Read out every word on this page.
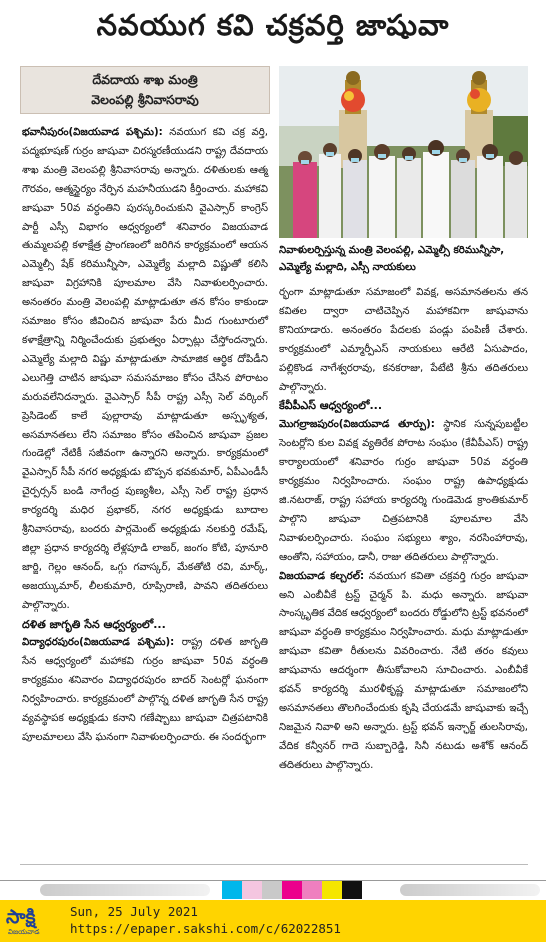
నవయుగ కవి చక్రవర్తి జాషువా
దేవదాయ శాఖ మంత్రి
వెలంపల్లి శ్రీనివాసరావు

భవానీపురం(విజయవాడ పశ్చిమ): నవయుగ కవి చక్ర వర్తి, పద్మభూషణ్ గుర్రం జాషువా చిరస్మరణీయుడని రాష్ట్ర దేవదాయ శాఖ మంత్రి వెలంపల్లి శ్రీనివాసరావు అన్నారు. దళితులకు ఆత్మ గౌరవం, ఆత్మస్థైర్యం నేర్పిన మహనీయుడని కీర్తించారు. మహాకవి జాషువా 50వ వర్ధంతిని పురస్కరించుకుని వైఎస్సార్ కాంగ్రెస్ పార్టీ ఎస్సీ విభాగం ఆధ్వర్యంలో శనివారం విజయవాడ తుమ్మలపల్లి కళాక్షేత్ర ప్రాంగణంలో జరిగిన కార్యక్రమంలో ఆయన ఎమ్మెల్సీ షేక్ కరిమున్నీసా, ఎమ్మెల్యే మల్లాది విష్ణుతో కలిసి జాషువా విగ్రహానికి పూలమాల వేసి నివాళులర్పించారు. అనంతరం మంత్రి వెలంపల్లి మాట్లాడుతూ తన కోసం కాకుండా సమాజం కోసం జీవించిన జాషువా పేరు మీద గుంటూరులో కళాక్షేత్రాన్ని నిర్మించేందుకు ప్రభుత్వం ఏర్పాట్లు చేస్తోందన్నారు. ఎమ్మెల్యే మల్లాది విష్ణు మాట్లాడుతూ సామాజిక ఆర్థిక దోపిడీని ఎలుగెత్తి చాటిన జాషువా సమసమాజం కోసం చేసిన పోరాటం మరువలేనిదన్నారు. వైఎస్సార్ సీపీ రాష్ట్ర ఎస్సీ సెల్ వర్కింగ్ ప్రెసిడెంట్ కాలే పుల్లారావు మాట్లాడుతూ అస్పృశ్యత, అసమానతలు లేని సమాజం కోసం తపించిన జాషువా ప్రజల గుండెల్లో నేటికీ సజీవంగా ఉన్నారని అన్నారు. కార్యక్రమంలో వైఎస్సార్ సీపీ నగర అధ్యక్షుడు బొప్పన భవకుమార్, ఏపీఎండీసీ చైర్పర్సన్ బండి నాగేంద్ర పుణ్యశీల, ఎస్సీ సెల్ రాష్ట్ర ప్రధాన కార్యదర్శి మధిర ప్రభాకర్, నగర అధ్యక్షుడు బూదాల శ్రీనివాసరావు, బందరు పార్లమెంట్ అధ్యక్షుడు నలకుర్తి రమేష్, జిల్లా ప్రధాన కార్యదర్శి లేళ్లపూడి లాజర్, జంగం కోటి, పూనూరి జార్జి, గెల్లం ఆనంద్, ఒగ్గు గవాస్కర్, మేకతోటి రవి, మార్క్, అజయ్కుమార్, లీలకుమారి, రూప్సిరాణి, పావని తదితరులు పాల్గొన్నారు.

దళిత జాగృతి సేన ఆధ్వర్యంలో...

విద్యాధరపురం(విజయవాడ పశ్చిమ): రాష్ట్ర దళిత జాగృతి సేన ఆధ్వర్యంలో మహాకవి గుర్రం జాషువా 50వ వర్ధంతి కార్యక్రమం శనివారం విద్యాధరపురం బాదర్ సెంటర్లో ఘనంగా నిర్వహించారు. కార్యక్రమంలో పాల్గొన్న దళిత జాగృతి సేన రాష్ట్ర వ్యవస్థాపక అధ్యక్షుడు కనాని గణేష్బాబు జాషువా చిత్రపటానికి పూలమాలలు వేసి ఘనంగా నివాళులర్పించారు. ఈ సందర్భంగా

నివాళులర్పిస్తున్న మంత్రి వెలంపల్లి, ఎమ్మెల్సీ కరిమున్నీసా, ఎమ్మెల్యే మల్లాది, ఎస్సీ నాయకులు

ర్భంగా మాట్లాడుతూ సమాజంలో వివక్ష, అసమానతలను తన కవితల ద్వారా చాటిచెప్పిన మహాకవిగా జాషువాను కొనియాడారు. అనంతరం పేదలకు పండ్లు పంపిణీ చేశారు. కార్యక్రమంలో ఎమ్మార్పీఎస్ నాయకులు ఆరేటి ఏసుపాదం, పల్లికొండ నాగేశ్వరరావు, కనకరాజు, పేటేటి శ్రీను తదితరులు పాల్గొన్నారు.

కేవీపీఎస్ ఆధ్వర్యంలో...

మొగల్రాజపురం(విజయవాడ తూర్పు): స్థానిక సున్నపుబట్టీల సెంటర్లోని కుల వివక్ష వ్యతిరేక పోరాట సంఘం (కేవీపీఎస్) రాష్ట్ర కార్యాలయంలో శనివారం గుర్రం జాషువా 50వ వర్ధంతి కార్యక్రమం నిర్వహించారు. సంఘం రాష్ట్ర ఉపాధ్యక్షుడు జి.నటరాజ్, రాష్ట్ర సహాయ కార్యదర్శి గుండెమెడ క్రాంతికుమార్ పాల్గొని జాషువా చిత్రపటానికి పూలమాల వేసి నివాళులర్పించారు. సంఘం సభ్యులు శ్యాం, నరసింహారావు, ఆంతోని, సహాయం, డానీ, రాజు తదితరులు పాల్గొన్నారు.

విజయవాడ కల్చరల్: నవయుగ కవితా చక్రవర్తి గుర్రం జాషువా అని ఎంబీవీకే ట్రస్ట్ చైర్మన్ పి. మధు అన్నారు. జాషువా సాంస్కృతిక వేదిక ఆధ్వర్యంలో బందరు రోడ్డులోని ట్రస్ట్ భవనంలో జాషువా వర్ధంతి కార్యక్రమం నిర్వహించారు. మధు మాట్లాడుతూ జాషువా కవితా రీతులను వివరించారు. నేటి తరం కవులు జాషువాను ఆదర్శంగా తీసుకోవాలని సూచించారు. ఎంబీవీకే భవన్ కార్యదర్శి మురళీకృష్ణ మాట్లాడుతూ సమాజంలోని అసమానతలు తొలగించేందుకు కృషి చేయడమే జాషువాకు ఇచ్చే నిజమైన నివాళి అని అన్నారు. ట్రస్ట్ భవన్ ఇన్ఛార్జ్ తులసిరావు, వేదిక కన్వీనర్ గాదె సుబ్బారెడ్డి, సినీ నటుడు అశోక్ ఆనంద్ తదితరులు పాల్గొన్నారు.

సాక్షి
విజయవాడ
Sun, 25 July 2021
https://epaper.sakshi.com/c/62022851
